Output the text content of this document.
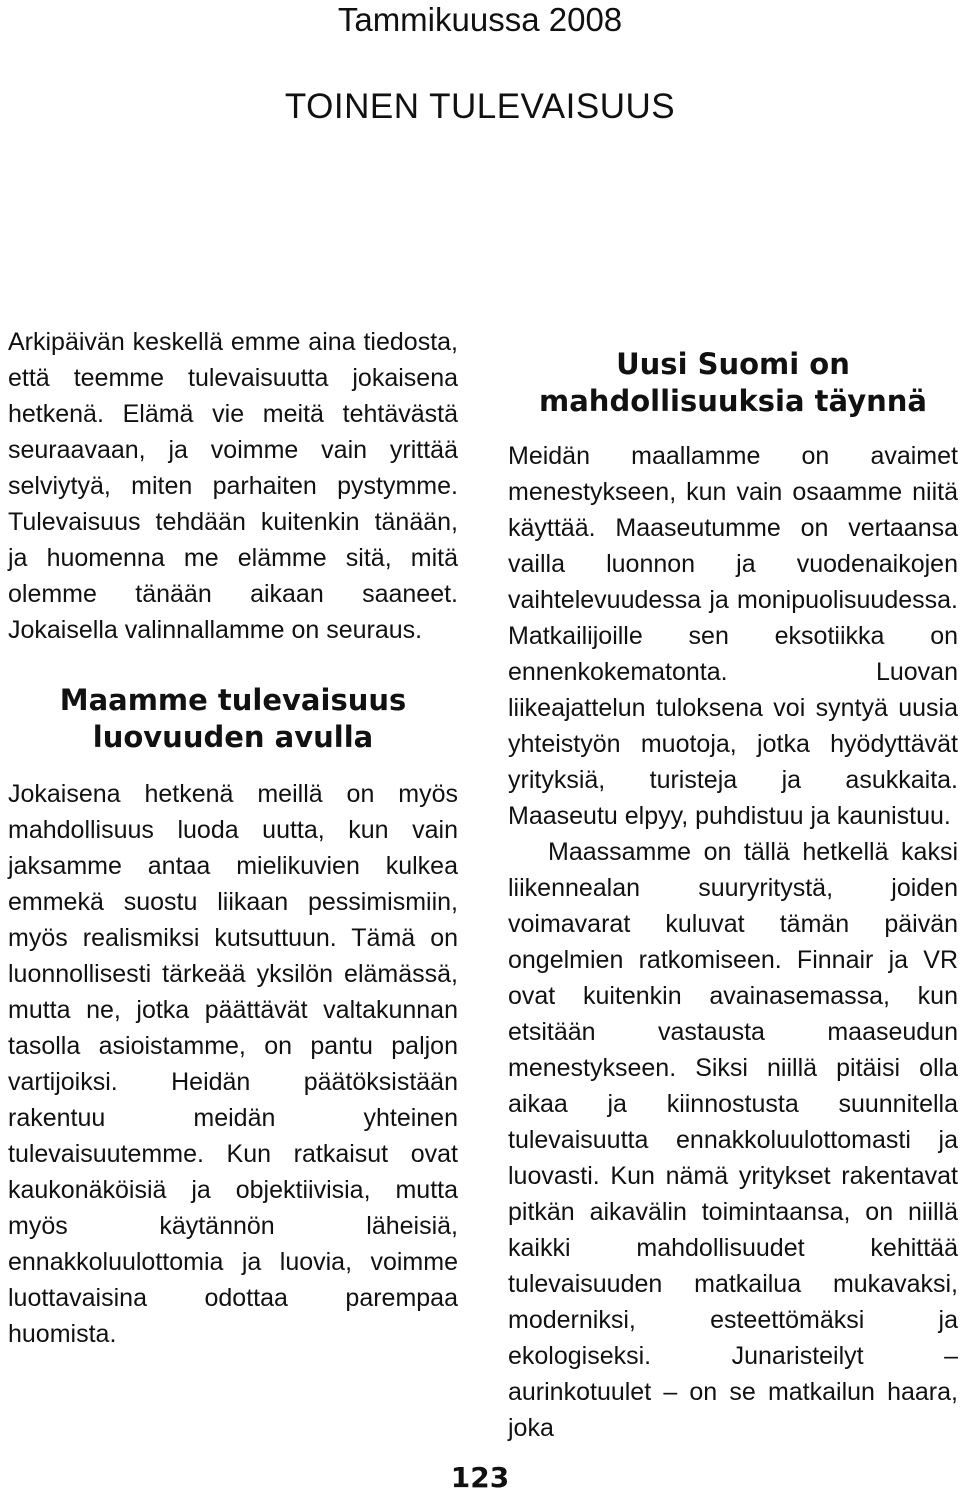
Tammikuussa 2008
TOINEN TULEVAISUUS

Arkipäivän keskellä emme aina tiedosta, että teemme tulevaisuutta jokaisena hetkenä. Elämä vie meitä tehtävästä seuraavaan, ja voimme vain yrittää selviytyä, miten parhaiten pystymme. Tulevaisuus tehdään kuitenkin tänään, ja huomenna me elämme sitä, mitä olemme tänään aikaan saaneet. Jokaisella valinnallamme on seuraus.

Maamme tulevaisuus luovuuden avulla

Jokaisena hetkenä meillä on myös mahdollisuus luoda uutta, kun vain jaksamme antaa mielikuvien kulkea emmekä suostu liikaan pessimismiin, myös realismiksi kutsuttuun. Tämä on luonnollisesti tärkeää yksilön elämässä, mutta ne, jotka päättävät valtakunnan tasolla asioistamme, on pantu paljon vartijoiksi. Heidän päätöksistään rakentuu meidän yhteinen tulevaisuutemme. Kun ratkaisut ovat kaukonäköisiä ja objektiivisia, mutta myös käytännön läheisiä, ennakkoluulottomia ja luovia, voimme luottavaisina odottaa parempaa huomista.

Uusi Suomi on mahdollisuuksia täynnä

Meidän maallamme on avaimet menestykseen, kun vain osaamme niitä käyttää. Maaseutumme on vertaansa vailla luonnon ja vuodenaikojen vaihtelevuudessa ja monipuolisuudessa. Matkailijoille sen eksotiikka on ennenkokematonta. Luovan liikeajattelun tuloksena voi syntyä uusia yhteistyön muotoja, jotka hyödyttävät yrityksiä, turisteja ja asukkaita. Maaseutu elpyy, puhdistuu ja kaunistuu.

Maassamme on tällä hetkellä kaksi liikennealan suuryritystä, joiden voimavarat kuluvat tämän päivän ongelmien ratkomiseen. Finnair ja VR ovat kuitenkin avainasemassa, kun etsitään vastausta maaseudun menestykseen. Siksi niillä pitäisi olla aikaa ja kiinnostusta suunnitella tulevaisuutta ennakkoluulottomasti ja luovasti. Kun nämä yritykset rakentavat pitkän aikavälin toimintaansa, on niillä kaikki mahdollisuudet kehittää tulevaisuuden matkailua mukavaksi, moderniksi, esteettömäksi ja ekologiseksi. Junaristeilyt – aurinkotuulet – on se matkailun haara, joka

123
